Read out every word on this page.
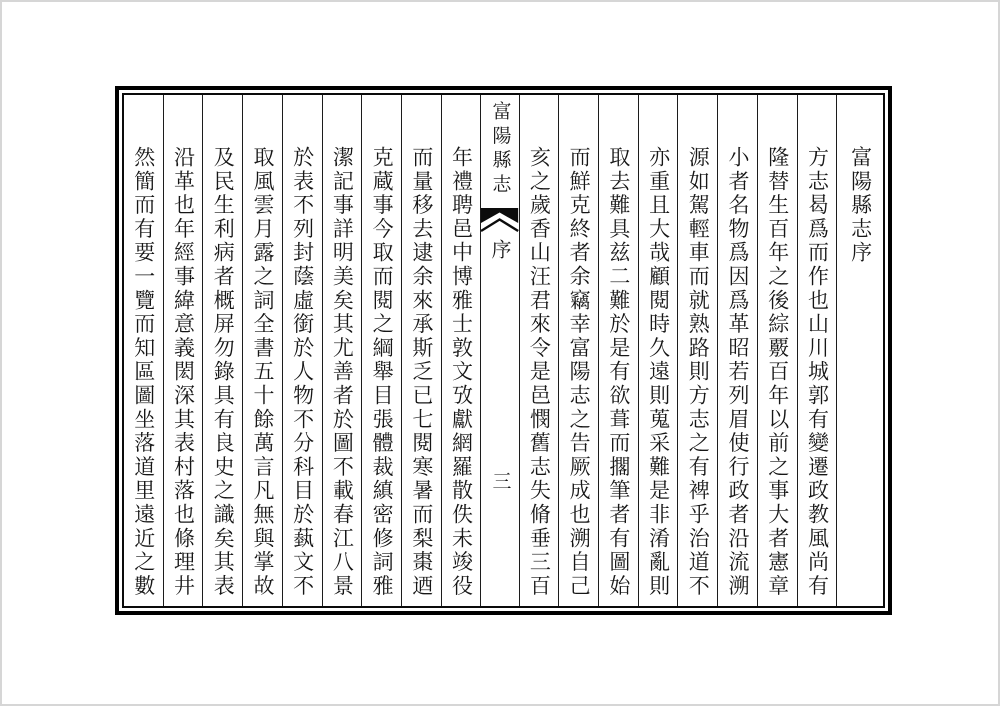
富陽縣志序
方志曷爲而作也山川城郭有變遷政教風尚有
隆替生百年之後綜覈百年以前之事大者憲章
小者名物爲因爲革昭若列眉使行政者沿流溯
源如駕輕車而就熟路則方志之有裨乎治道不
亦重且大哉顧閱時久遠則蒐采難是非淆亂則
取去難具兹二難於是有欲葺而擱筆者有圖始
而鮮克終者余竊幸富陽志之告厥成也溯自己
亥之歲香山汪君來令是邑憫舊志失脩垂三百
富陽縣志
序
三
年禮聘邑中博雅士敦文攷獻網羅散佚未竣役
而量移去逮余來承斯乏已七閱寒暑而梨棗迺
克蔵事今取而閱之綱舉目張體裁縝密修詞雅
潔記事詳明美矣其尤善者於圖不載春江八景
於表不列封蔭虛銜於人物不分科目於蓺文不
取風雲月露之詞全書五十餘萬言凡無與掌故
及民生利病者概屏勿錄具有良史之識矣其表
沿革也年經事緯意義閎深其表村落也條理井
然簡而有要一覽而知區圖坐落道里遠近之數
